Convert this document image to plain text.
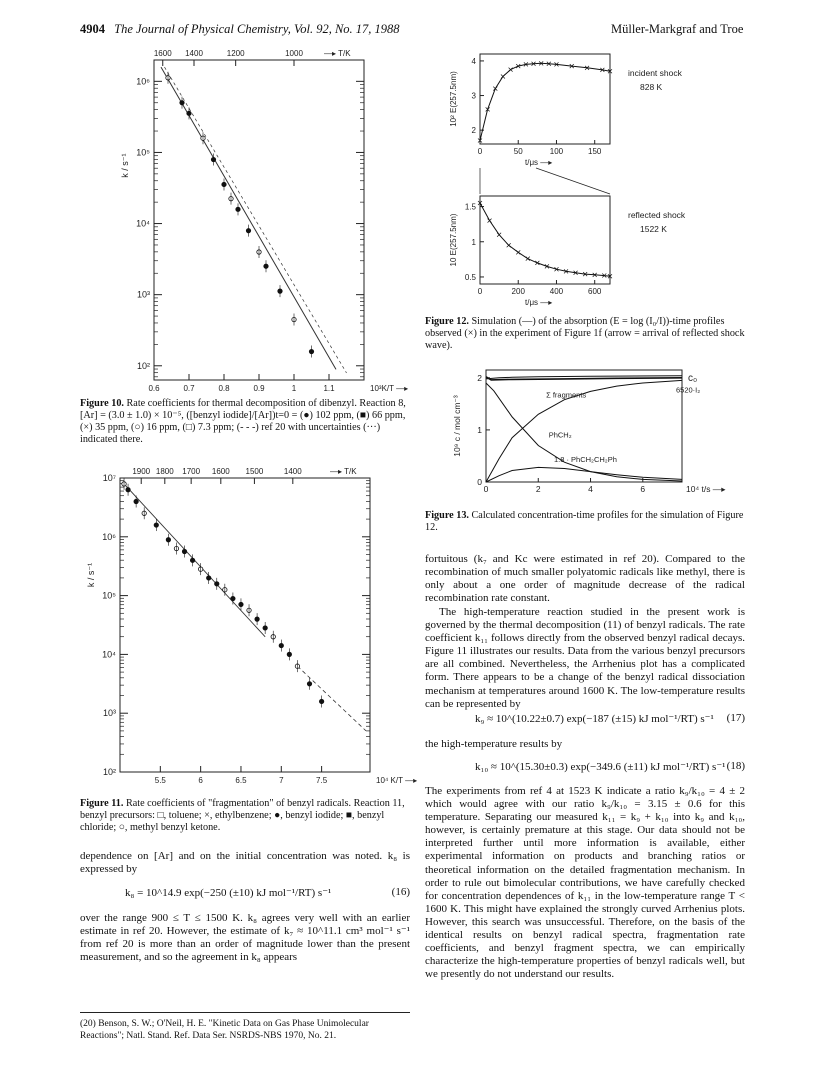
4904 The Journal of Physical Chemistry, Vol. 92, No. 17, 1988	Müller-Markgraf and Troe
10⁶
10⁵
10⁴
10³
10²
0.6	0.7	0.8	0.9	1	1.1	10³K/T —▸
1600 1400	1200	1000	—▸ T/K
k / s⁻¹
Figure 10. Rate coefficients for thermal decomposition of dibenzyl. Reaction 8, [Ar] = (3.0 ± 1.0) × 10⁻⁵, ([benzyl iodide]/[Ar])t=0 = (●) 102 ppm, (■) 66 ppm, (×) 35 ppm, (○) 16 ppm, (□) 7.3 ppm; (- - -) ref 20 with uncertainties (···) indicated there.
10⁷
10⁶
10⁵
10⁴
10³
10²
5.5	6	6.5	7	7.5	10⁴ K/T —▸
1900 1800 1700 1600 1500	1400	—▸ T/K
k / s⁻¹
Figure 11. Rate coefficients of "fragmentation" of benzyl radicals. Reaction 11, benzyl precursors: □, toluene; ×, ethylbenzene; ●, benzyl iodide; ■, benzyl chloride; ○, methyl benzyl ketone.
dependence on [Ar] and on the initial concentration was noted. k₈ is expressed by
k₈ = 10^14.9 exp(−250 (±10) kJ mol⁻¹/RT) s⁻¹	(16)
over the range 900 ≤ T ≤ 1500 K. k₈ agrees very well with an earlier estimate in ref 20. However, the estimate of k₇ ≈ 10^11.1 cm³ mol⁻¹ s⁻¹ from ref 20 is more than an order of magnitude lower than the present measurement, and so the agreement in k₈ appears
(20) Benson, S. W.; O'Neil, H. E. "Kinetic Data on Gas Phase Unimolecular Reactions"; Natl. Stand. Ref. Data Ser. NSRDS-NBS 1970, No. 21.
0	50	100	150
2
3
4
t/μs —▸
10² E(257.5nm)	incident shock
828 K
0	200	400	600
0.5
1
1.5
t/μs —▸
10 E(257.5nm)	reflected shock
1522 K
Figure 12. Simulation (—) of the absorption (E = log (I₀/I))-time profiles observed (×) in the experiment of Figure 1f (arrow = arrival of reflected shock wave).
0	2	4	6
0
1
2
10⁴ t/s —▸
10⁹ c / mol cm⁻³
c₀
Σ fragments
PhCH₂
1.8 · PhCH₂CH₂Ph
6520·I₂
Figure 13. Calculated concentration-time profiles for the simulation of Figure 12.
fortuitous (k₇ and Kc were estimated in ref 20). Compared to the recombination of much smaller polyatomic radicals like methyl, there is only about a one order of magnitude decrease of the radical recombination rate constant.
The high-temperature reaction studied in the present work is governed by the thermal decomposition (11) of benzyl radicals. The rate coefficient k₁₁ follows directly from the observed benzyl radical decays. Figure 11 illustrates our results. Data from the various benzyl precursors are all combined. Nevertheless, the Arrhenius plot has a complicated form. There appears to be a change of the benzyl radical dissociation mechanism at temperatures around 1600 K. The low-temperature results can be represented by
k₉ ≈ 10^(10.22±0.7) exp(−187 (±15) kJ mol⁻¹/RT) s⁻¹ (17)
the high-temperature results by
k₁₀ ≈ 10^(15.30±0.3) exp(−349.6 (±11) kJ mol⁻¹/RT) s⁻¹ (18)
The experiments from ref 4 at 1523 K indicate a ratio k₉/k₁₀ = 4 ± 2 which would agree with our ratio k₉/k₁₀ = 3.15 ± 0.6 for this temperature. Separating our measured k₁₁ = k₉ + k₁₀ into k₉ and k₁₀, however, is certainly premature at this stage. Our data should not be interpreted further until more information is available, either experimental information on products and branching ratios or theoretical information on the detailed fragmentation mechanism. In order to rule out bimolecular contributions, we have carefully checked for concentration dependences of k₁₁ in the low-temperature range T < 1600 K. This might have explained the strongly curved Arrhenius plots. However, this search was unsuccessful. Therefore, on the basis of the identical results on benzyl radical spectra, fragmentation rate coefficients, and benzyl fragment spectra, we can empirically characterize the high-temperature properties of benzyl radicals well, but we presently do not understand our results.
